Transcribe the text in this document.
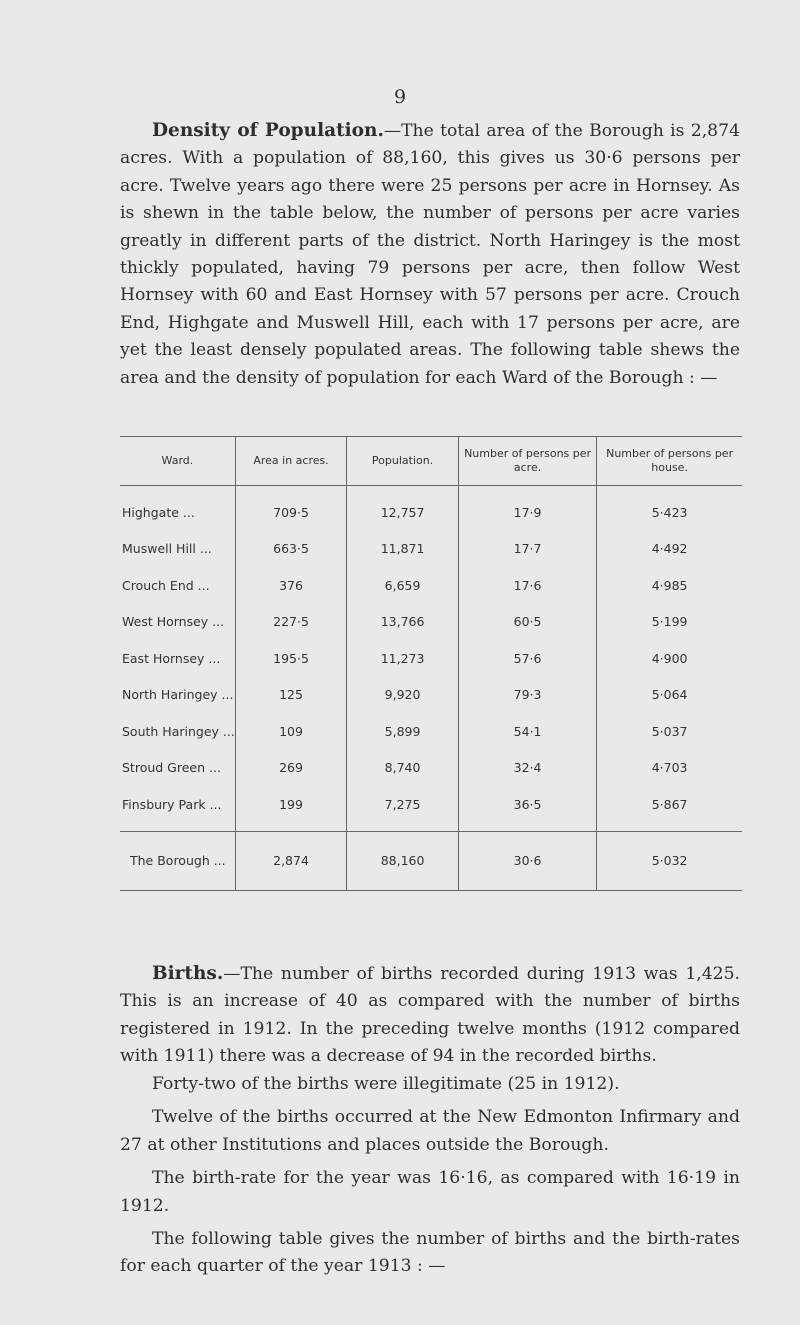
9

Density of Population.—The total area of the Borough is 2,874 acres. With a population of 88,160, this gives us 30·6 persons per acre. Twelve years ago there were 25 persons per acre in Hornsey. As is shewn in the table below, the number of persons per acre varies greatly in different parts of the district. North Haringey is the most thickly populated, having 79 persons per acre, then follow West Hornsey with 60 and East Hornsey with 57 persons per acre. Crouch End, Highgate and Muswell Hill, each with 17 persons per acre, are yet the least densely populated areas. The following table shews the area and the density of population for each Ward of the Borough : —

Ward.	Area in acres.	Population.	Number of persons per acre.	Number of persons per house.
Highgate ...	709·5	12,757	17·9	5·423
Muswell Hill ...	663·5	11,871	17·7	4·492
Crouch End ...	376	6,659	17·6	4·985
West Hornsey ...	227·5	13,766	60·5	5·199
East Hornsey ...	195·5	11,273	57·6	4·900
North Haringey ...	125	9,920	79·3	5·064
South Haringey ...	109	5,899	54·1	5·037
Stroud Green ...	269	8,740	32·4	4·703
Finsbury Park ...	199	7,275	36·5	5·867
The Borough ...	2,874	88,160	30·6	5·032

Births.—The number of births recorded during 1913 was 1,425. This is an increase of 40 as compared with the number of births registered in 1912. In the preceding twelve months (1912 compared with 1911) there was a decrease of 94 in the recorded births.

Forty-two of the births were illegitimate (25 in 1912).

Twelve of the births occurred at the New Edmonton Infirmary and 27 at other Institutions and places outside the Borough.

The birth-rate for the year was 16·16, as compared with 16·19 in 1912.

The following table gives the number of births and the birth-rates for each quarter of the year 1913 : —
